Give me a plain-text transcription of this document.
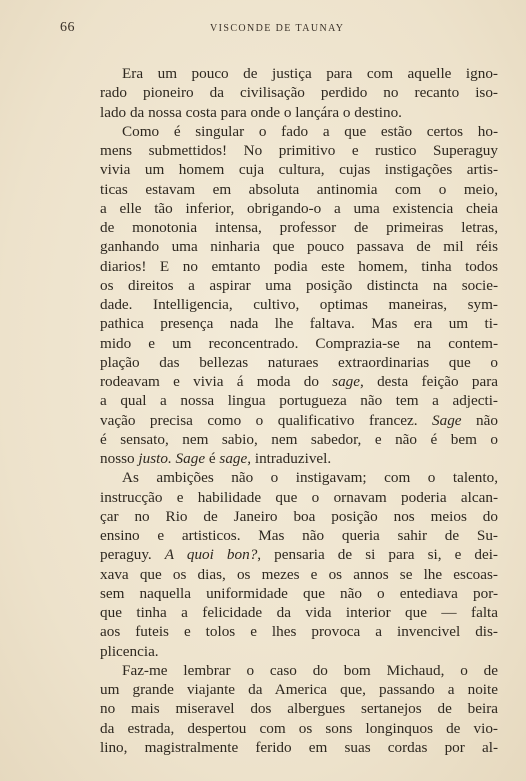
66	VISCONDE DE TAUNAY
Era um pouco de justiça para com aquelle igno-
rado pioneiro da civilisação perdido no recanto iso-
lado da nossa costa para onde o lançára o destino.
Como é singular o fado a que estão certos ho-
mens submettidos! No primitivo e rustico Superaguy
vivia um homem cuja cultura, cujas instigações artis-
ticas estavam em absoluta antinomia com o meio,
a elle tão inferior, obrigando-o a uma existencia cheia
de monotonia intensa, professor de primeiras letras,
ganhando uma ninharia que pouco passava de mil réis
diarios! E no emtanto podia este homem, tinha todos
os direitos a aspirar uma posição distincta na socie-
dade. Intelligencia, cultivo, optimas maneiras, sym-
pathica presença nada lhe faltava. Mas era um ti-
mido e um reconcentrado. Comprazia-se na contem-
plação das bellezas naturaes extraordinarias que o
rodeavam e vivia á moda do sage, desta feição para
a qual a nossa lingua portugueza não tem a adjecti-
vação precisa como o qualificativo francez. Sage não
é sensato, nem sabio, nem sabedor, e não é bem o
nosso justo. Sage é sage, intraduzivel.
As ambições não o instigavam; com o talento,
instrucção e habilidade que o ornavam poderia alcan-
çar no Rio de Janeiro boa posição nos meios do
ensino e artisticos. Mas não queria sahir de Su-
peraguy. A quoi bon?, pensaria de si para si, e dei-
xava que os dias, os mezes e os annos se lhe escoas-
sem naquella uniformidade que não o entediava por-
que tinha a felicidade da vida interior que — falta
aos futeis e tolos e lhes provoca a invencivel dis-
plicencia.
Faz-me lembrar o caso do bom Michaud, o de
um grande viajante da America que, passando a noite
no mais miseravel dos albergues sertanejos de beira
da estrada, despertou com os sons longinquos de vio-
lino, magistralmente ferido em suas cordas por al-
